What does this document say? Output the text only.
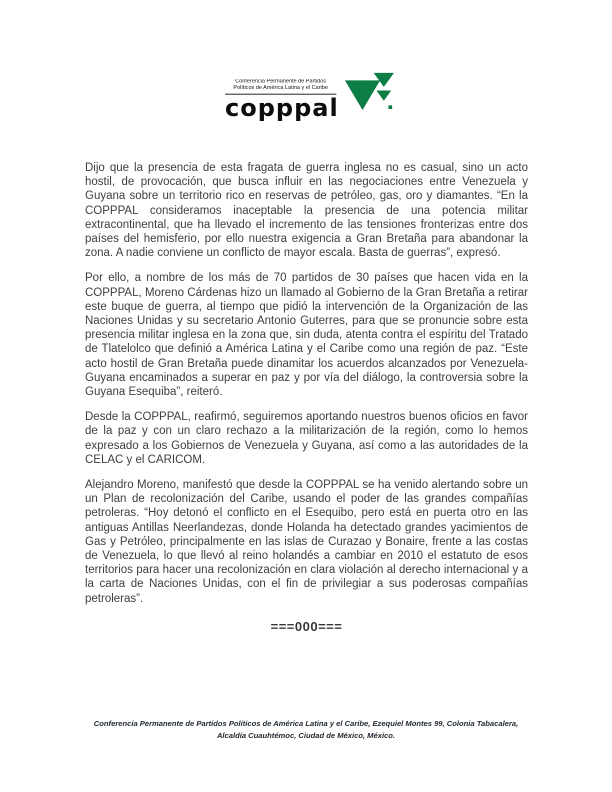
Conferencia Permanente de Partidos
Políticos de América Latina y el Caribe
copppal

Dijo que la presencia de esta fragata de guerra inglesa no es casual, sino un acto hostil, de provocación, que busca influir en las negociaciones entre Venezuela y Guyana sobre un territorio rico en reservas de petróleo, gas, oro y diamantes. “En la COPPPAL consideramos inaceptable la presencia de una potencia militar extracontinental, que ha llevado el incremento de las tensiones fronterizas entre dos países del hemisferio, por ello nuestra exigencia a Gran Bretaña para abandonar la zona. A nadie conviene un conflicto de mayor escala. Basta de guerras”, expresó.

Por ello, a nombre de los más de 70 partidos de 30 países que hacen vida en la COPPPAL, Moreno Cárdenas hizo un llamado al Gobierno de la Gran Bretaña a retirar este buque de guerra, al tiempo que pidió la intervención de la Organización de las Naciones Unidas y su secretario Antonio Guterres, para que se pronuncie sobre esta presencia militar inglesa en la zona que, sin duda, atenta contra el espíritu del Tratado de Tlatelolco que definió a América Latina y el Caribe como una región de paz. “Este acto hostil de Gran Bretaña puede dinamitar los acuerdos alcanzados por Venezuela-Guyana encaminados a superar en paz y por vía del diálogo, la controversia sobre la Guyana Esequiba”, reiteró.

Desde la COPPPAL, reafirmó, seguiremos aportando nuestros buenos oficios en favor de la paz y con un claro rechazo a la militarización de la región, como lo hemos expresado a los Gobiernos de Venezuela y Guyana, así como a las autoridades de la CELAC y el CARICOM.

Alejandro Moreno, manifestó que desde la COPPPAL se ha venido alertando sobre un un Plan de recolonización del Caribe, usando el poder de las grandes compañías petroleras. “Hoy detonó el conflicto en el Esequibo, pero está en puerta otro en las antiguas Antillas Neerlandezas, donde Holanda ha detectado grandes yacimientos de Gas y Petróleo, principalmente en las islas de Curazao y Bonaire, frente a las costas de Venezuela, lo que llevó al reino holandés a cambiar en 2010 el estatuto de esos territorios para hacer una recolonización en clara violación al derecho internacional y a la carta de Naciones Unidas, con el fin de privilegiar a sus poderosas compañías petroleras”.

===000===
Conferencia Permanente de Partidos Políticos de América Latina y el Caribe, Ezequiel Montes 99, Colonia Tabacalera,
Alcaldía Cuauhtémoc, Ciudad de México, México.
